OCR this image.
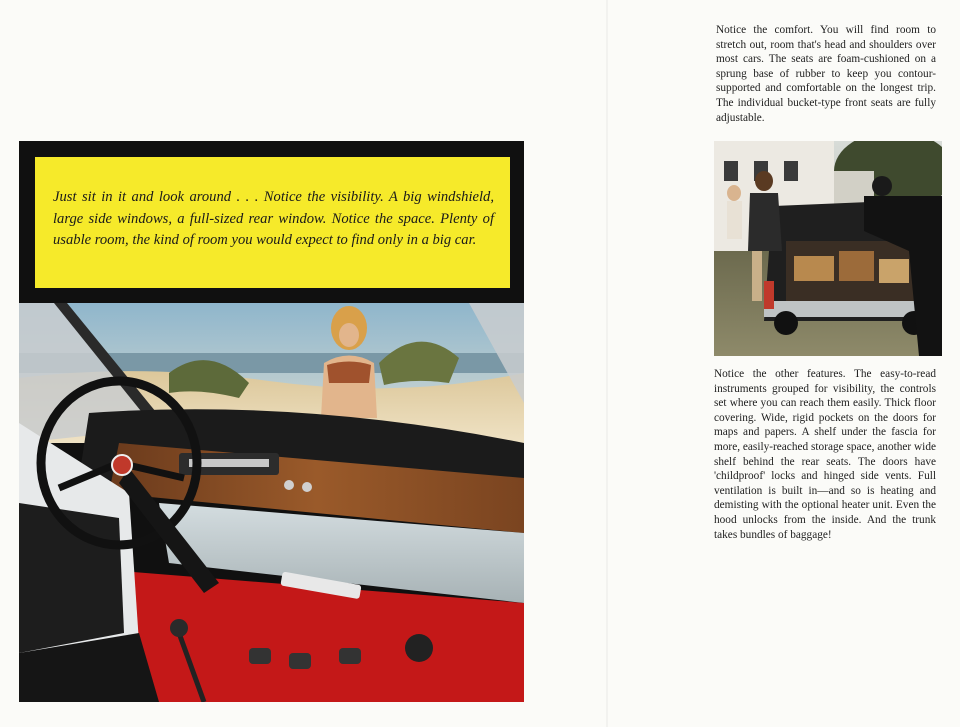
Just sit in it and look around . . . Notice the visibility. A big windshield, large side windows, a full-sized rear window. Notice the space. Plenty of usable room, the kind of room you would expect to find only in a big car.

Notice the comfort. You will find room to stretch out, room that's head and shoulders over most cars. The seats are foam-cushioned on a sprung base of rubber to keep you contour-supported and comfortable on the longest trip. The individual bucket-type front seats are fully adjustable.

Notice the other features. The easy-to-read instruments grouped for visibility, the controls set where you can reach them easily. Thick floor covering. Wide, rigid pockets on the doors for maps and papers. A shelf under the fascia for more, easily-reached storage space, another wide shelf behind the rear seats. The doors have 'childproof' locks and hinged side vents. Full ventilation is built in—and so is heating and demisting with the optional heater unit. Even the hood unlocks from the inside. And the trunk takes bundles of baggage!
